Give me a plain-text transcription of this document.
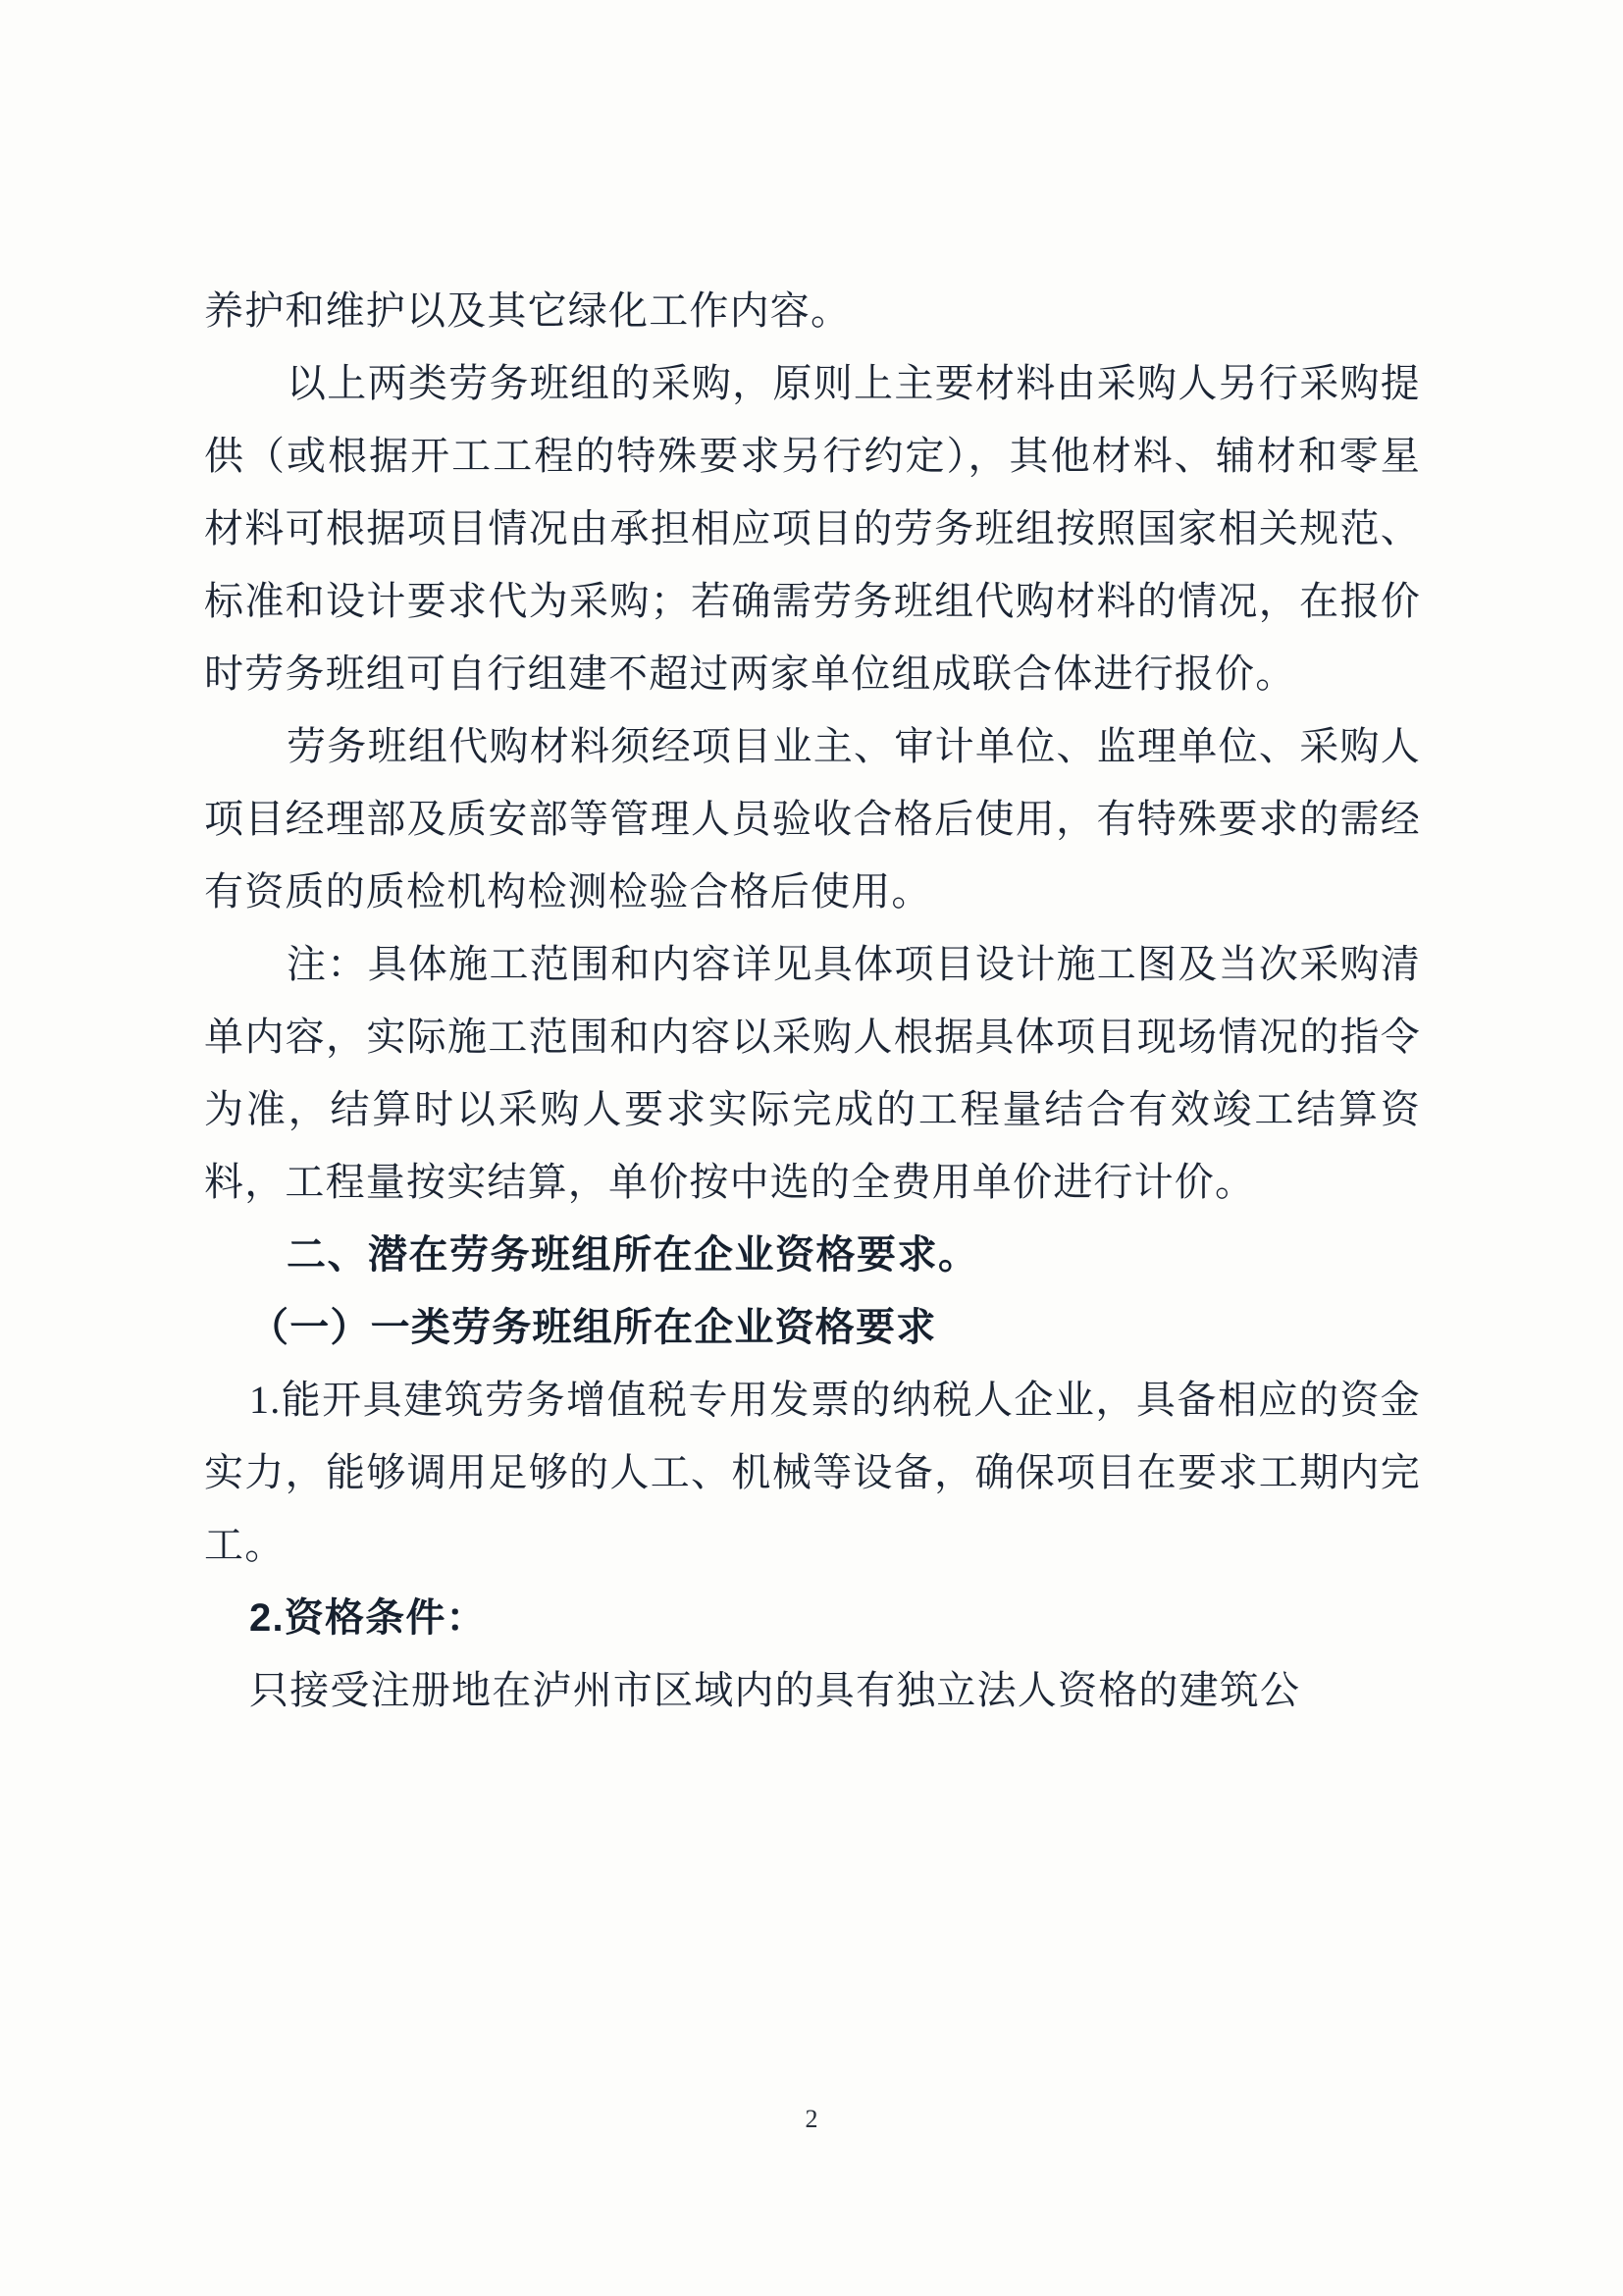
养护和维护以及其它绿化工作内容。

以上两类劳务班组的采购，原则上主要材料由采购人另行采购提供（或根据开工工程的特殊要求另行约定），其他材料、辅材和零星材料可根据项目情况由承担相应项目的劳务班组按照国家相关规范、标准和设计要求代为采购；若确需劳务班组代购材料的情况，在报价时劳务班组可自行组建不超过两家单位组成联合体进行报价。

劳务班组代购材料须经项目业主、审计单位、监理单位、采购人项目经理部及质安部等管理人员验收合格后使用，有特殊要求的需经有资质的质检机构检测检验合格后使用。

注：具体施工范围和内容详见具体项目设计施工图及当次采购清单内容，实际施工范围和内容以采购人根据具体项目现场情况的指令为准，结算时以采购人要求实际完成的工程量结合有效竣工结算资料，工程量按实结算，单价按中选的全费用单价进行计价。

二、潜在劳务班组所在企业资格要求。

（一）一类劳务班组所在企业资格要求

1.能开具建筑劳务增值税专用发票的纳税人企业，具备相应的资金实力，能够调用足够的人工、机械等设备，确保项目在要求工期内完工。

2.资格条件：

只接受注册地在泸州市区域内的具有独立法人资格的建筑公

2
